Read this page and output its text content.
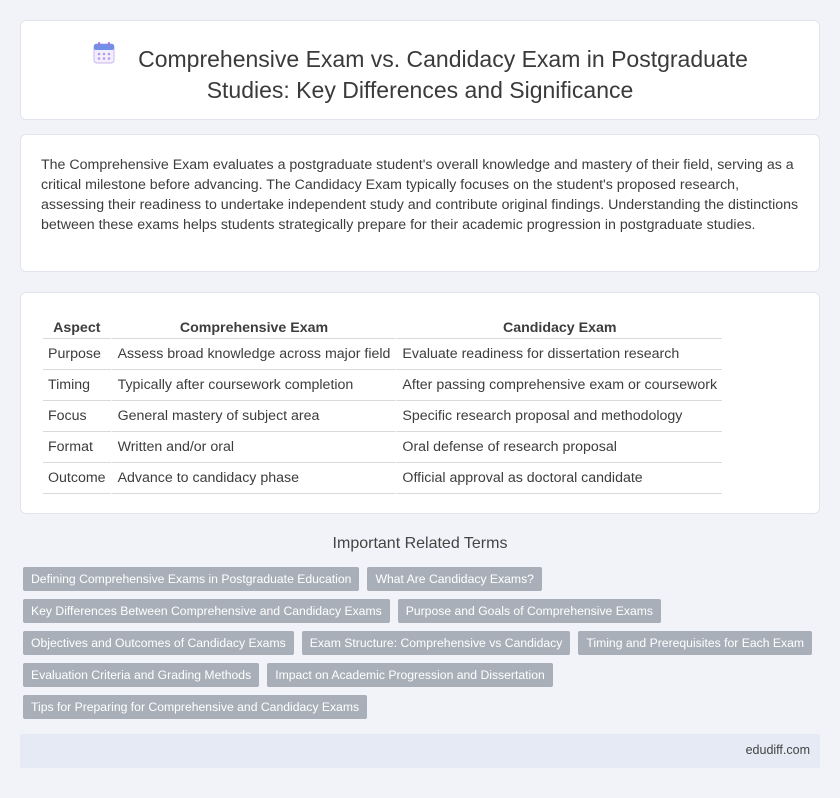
Comprehensive Exam vs. Candidacy Exam in Postgraduate
Studies: Key Differences and Significance

The Comprehensive Exam evaluates a postgraduate student's overall knowledge and mastery of their field, serving as a critical milestone before advancing. The Candidacy Exam typically focuses on the student's proposed research, assessing their readiness to undertake independent study and contribute original findings. Understanding the distinctions between these exams helps students strategically prepare for their academic progression in postgraduate studies.

Aspect	Comprehensive Exam	Candidacy Exam
Purpose	Assess broad knowledge across major field	Evaluate readiness for dissertation research
Timing	Typically after coursework completion	After passing comprehensive exam or coursework
Focus	General mastery of subject area	Specific research proposal and methodology
Format	Written and/or oral	Oral defense of research proposal
Outcome	Advance to candidacy phase	Official approval as doctoral candidate
Important Related Terms
Defining Comprehensive Exams in Postgraduate Education	What Are Candidacy Exams?
Key Differences Between Comprehensive and Candidacy Exams	Purpose and Goals of Comprehensive Exams
Objectives and Outcomes of Candidacy Exams	Exam Structure: Comprehensive vs Candidacy	Timing and Prerequisites for Each Exam
Evaluation Criteria and Grading Methods	Impact on Academic Progression and Dissertation
Tips for Preparing for Comprehensive and Candidacy Exams
edudiff.com
